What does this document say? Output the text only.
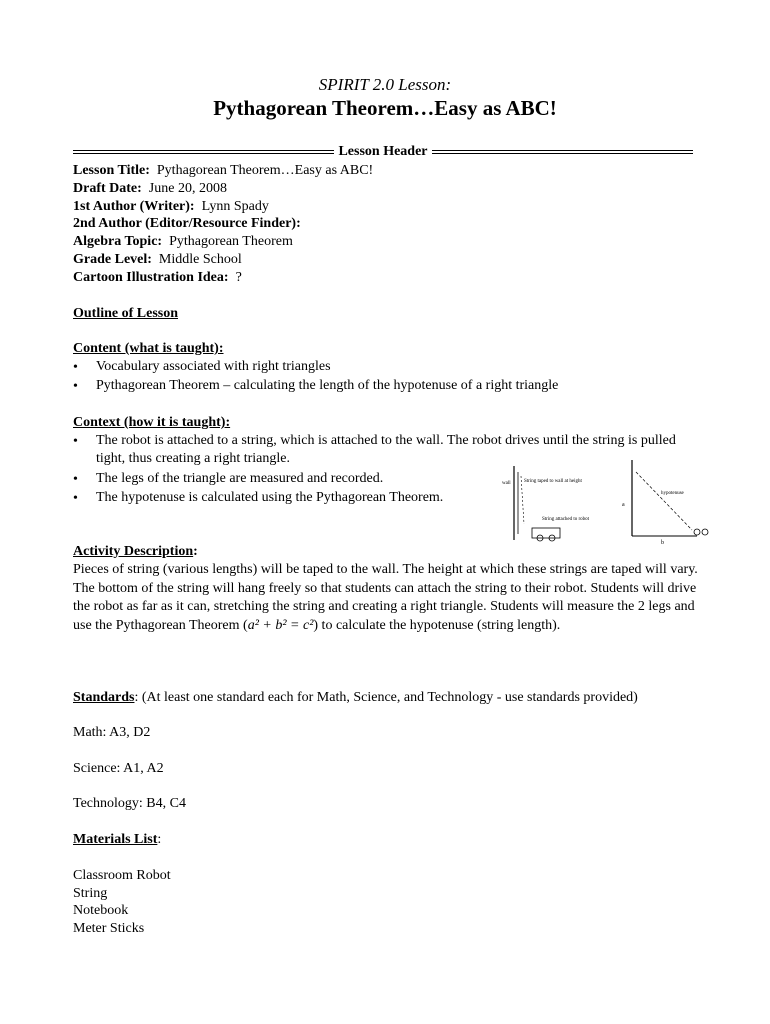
SPIRIT 2.0 Lesson:
Pythagorean Theorem…Easy as ABC!
Lesson Header
Lesson Title: Pythagorean Theorem…Easy as ABC!
Draft Date: June 20, 2008
1st Author (Writer): Lynn Spady
2nd Author (Editor/Resource Finder):
Algebra Topic: Pythagorean Theorem
Grade Level: Middle School
Cartoon Illustration Idea: ?
Outline of Lesson
Content (what is taught):
• Vocabulary associated with right triangles
• Pythagorean Theorem – calculating the length of the hypotenuse of a right triangle
Context (how it is taught):
• The robot is attached to a string, which is attached to the wall. The robot drives until the string is pulled tight, thus creating a right triangle.
• The legs of the triangle are measured and recorded.
• The hypotenuse is calculated using the Pythagorean Theorem.
wall	String taped to wall at height
String attached to robot
hypotenuse
a
b
Activity Description:
Pieces of string (various lengths) will be taped to the wall. The height at which these strings are taped will vary. The bottom of the string will hang freely so that students can attach the string to their robot. Students will drive the robot as far as it can, stretching the string and creating a right triangle. Students will measure the 2 legs and use the Pythagorean Theorem (a² + b² = c²) to calculate the hypotenuse (string length).
Standards: (At least one standard each for Math, Science, and Technology - use standards provided)
Math: A3, D2
Science: A1, A2
Technology: B4, C4
Materials List:
Classroom Robot
String
Notebook
Meter Sticks
